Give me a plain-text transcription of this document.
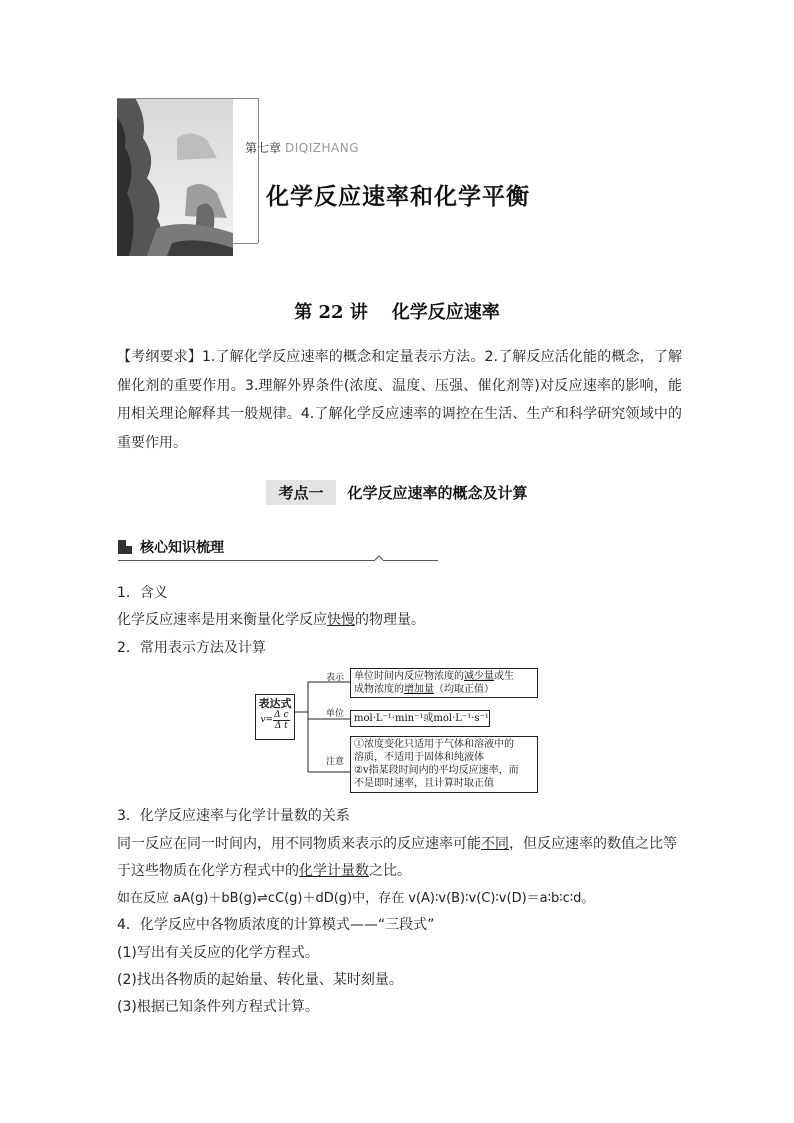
第七章 DIQIZHANG
化学反应速率和化学平衡
第 22 讲 化学反应速率
【考纲要求】1.了解化学反应速率的概念和定量表示方法。2.了解反应活化能的概念，了解催化剂的重要作用。3.理解外界条件(浓度、温度、压强、催化剂等)对反应速率的影响，能用相关理论解释其一般规律。4.了解化学反应速率的调控在生活、生产和科学研究领域中的重要作用。
考点一 化学反应速率的概念及计算
核心知识梳理
1．含义
化学反应速率是用来衡量化学反应快慢的物理量。
2．常用表示方法及计算
表达式
$v= \frac{\text{Δ c}}{\text{Δ t}}$
表示
单位
注意
单位时间内反应物浓度的减少量或生
成物浓度的增加量（均取正值）
mol·L⁻¹·min⁻¹或mol·L⁻¹·s⁻¹
①浓度变化只适用于气体和溶液中的
溶质，不适用于固体和纯液体
②v指某段时间内的平均反应速率，而
不是即时速率，且计算时取正值
3．化学反应速率与化学计量数的关系
同一反应在同一时间内，用不同物质来表示的反应速率可能不同，但反应速率的数值之比等
于这些物质在化学方程式中的化学计量数之比。
如在反应 aA(g)＋bB(g)⇌cC(g)＋dD(g)中，存在 v(A)∶v(B)∶v(C)∶v(D)＝a∶b∶c∶d。
4．化学反应中各物质浓度的计算模式——“三段式”
(1)写出有关反应的化学方程式。
(2)找出各物质的起始量、转化量、某时刻量。
(3)根据已知条件列方程式计算。
